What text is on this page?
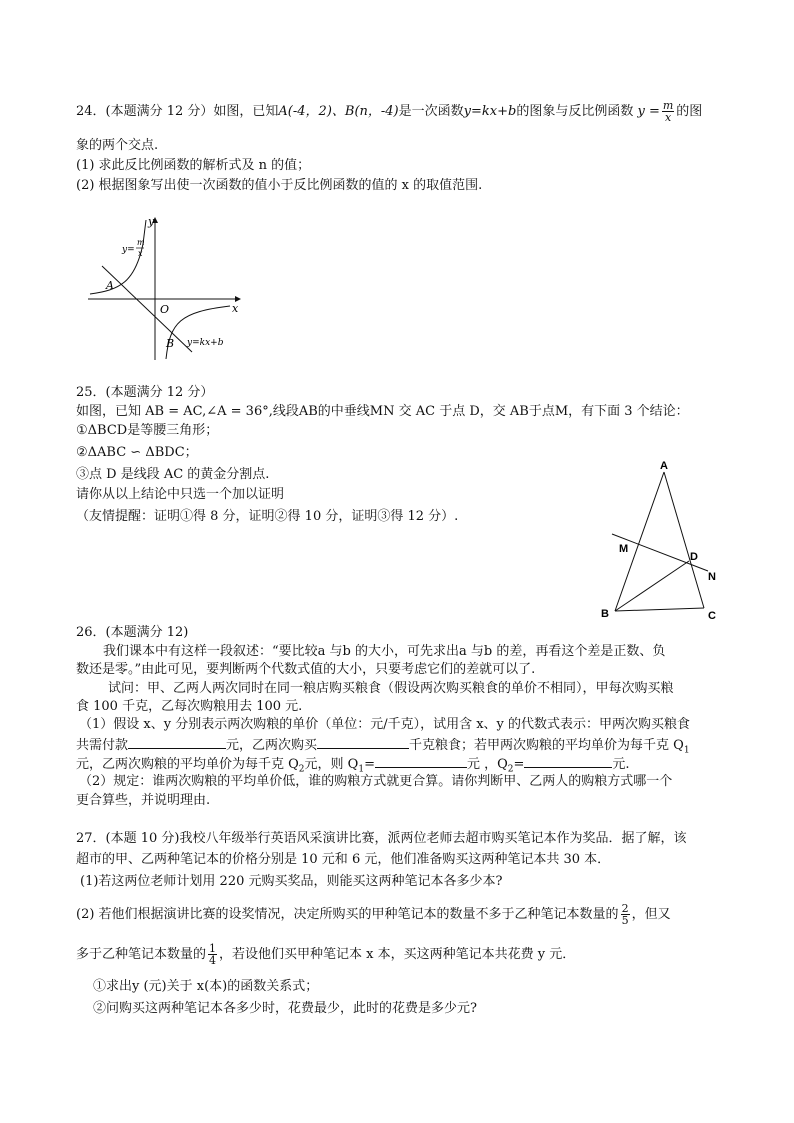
24．(本题满分 12 分）如图，已知A(-4，2)、B(n，-4)是一次函数y=kx+b的图象与反比例函数 $y = \frac{m}{x}$ 的图
象的两个交点.
(1) 求此反比例函数的解析式及 n 的值；
(2) 根据图象写出使一次函数的值小于反比例函数的值的 x 的取值范围.
y
x
O
A
B
y=
m
x
y=kx+b
25．(本题满分 12 分）
如图，已知 AB = AC,∠A = 36°,线段AB的中垂线MN 交 AC 于点 D，交 AB于点M，有下面 3 个结论：
①ΔBCD是等腰三角形；
②ΔABC ∽ ΔBDC；
③点 D 是线段 AC 的黄金分割点.
请你从以上结论中只选一个加以证明
（友情提醒：证明①得 8 分，证明②得 10 分，证明③得 12 分）.
A
B	C
D
M
N
26．(本题满分 12)
我们课本中有这样一段叙述：“要比较a 与b 的大小，可先求出a 与b 的差，再看这个差是正数、负
数还是零。”由此可见，要判断两个代数式值的大小，只要考虑它们的差就可以了.
试问：甲、乙两人两次同时在同一粮店购买粮食（假设两次购买粮食的单价不相同），甲每次购买粮
食 100 千克，乙每次购粮用去 100 元.
（1）假设 x、y 分别表示两次购粮的单价（单位：元/千克），试用含 x、y 的代数式表示：甲两次购买粮食
共需付款	元，乙两次购买	千克粮食；若甲两次购粮的平均单价为每千克 $Q_1$
元，乙两次购粮的平均单价为每千克 $Q_2$元，则 $Q_1=$	元 ，$Q_2=$	元.
（2）规定：谁两次购粮的平均单价低，谁的购粮方式就更合算。请你判断甲、乙两人的购粮方式哪一个
更合算些，并说明理由.
27．(本题 10 分)我校八年级举行英语风采演讲比赛，派两位老师去超市购买笔记本作为奖品．据了解，该
超市的甲、乙两种笔记本的价格分别是 10 元和 6 元，他们准备购买这两种笔记本共 30 本．
(1)若这两位老师计划用 220 元购买奖品，则能买这两种笔记本各多少本?
(2) 若他们根据演讲比赛的设奖情况，决定所购买的甲种笔记本的数量不多于乙种笔记本数量的 $\frac{2}{5}$ ，但又
多于乙种笔记本数量的 $\frac{1}{4}$ ，若设他们买甲种笔记本 x 本，买这两种笔记本共花费 y 元．
①求出y (元)关于 x(本)的函数关系式；
②问购买这两种笔记本各多少时，花费最少，此时的花费是多少元?
